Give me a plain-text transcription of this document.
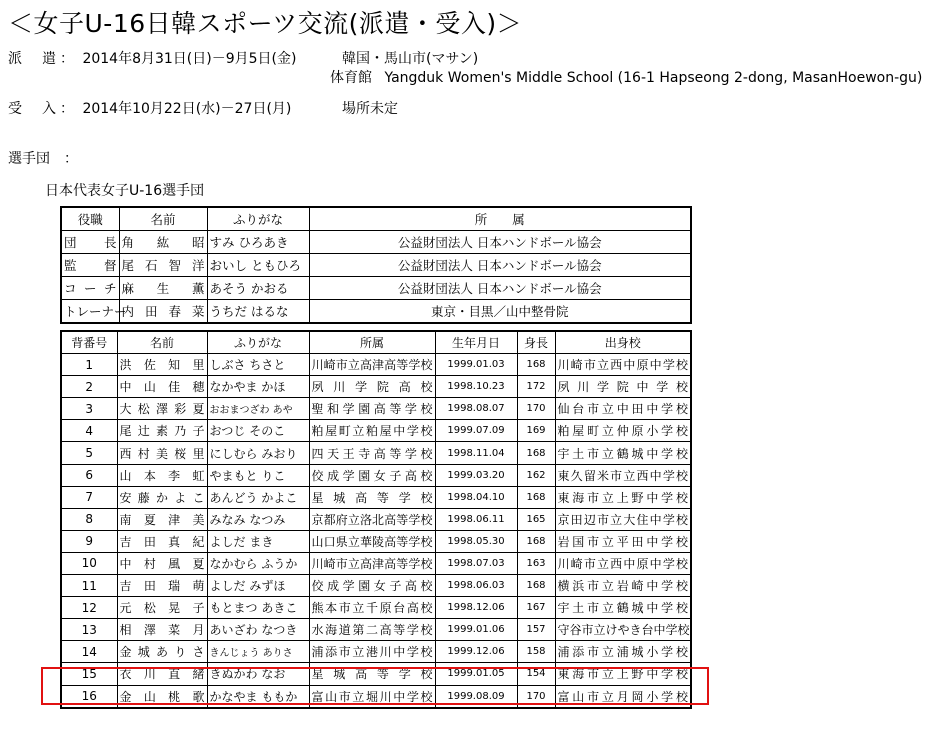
＜女子U-16日韓スポーツ交流(派遣・受入)＞
派遣 ： 2014年8月31日(日)－9月5日(金)	韓国・馬山市(マサン)
体育館 Yangduk Women's Middle School (16-1 Hapseong 2-dong, MasanHoewon-gu)
受入 ： 2014年10月22日(水)－27日(月)	場所未定
選手団　：
日本代表女子U-16選手団
役職	名前	ふりがな	所　　属
団長	角紘昭	すみ ひろあき	公益財団法人 日本ハンドボール協会
監督	尾石智洋	おいし ともひろ	公益財団法人 日本ハンドボール協会
コーチ	麻生薫	あそう かおる	公益財団法人 日本ハンドボール協会
トレーナー	内田春菜	うちだ はるな	東京・目黒／山中整骨院
背番号	名前	ふりがな	所属	生年月日	身長	出身校
1	洪佐知里	しぶさ ちさと	川崎市立高津高等学校	1999.01.03	168	川崎市立西中原中学校
2	中山佳穂	なかやま かほ	夙川学院高校	1998.10.23	172	夙川学院中学校
3	大松澤彩夏	おおまつざわ あや	聖和学園高等学校	1998.08.07	170	仙台市立中田中学校
4	尾辻素乃子	おつじ そのこ	粕屋町立粕屋中学校	1999.07.09	169	粕屋町立仲原小学校
5	西村美桜里	にしむら みおり	四天王寺高等学校	1998.11.04	168	宇土市立鶴城中学校
6	山本李虹	やまもと りこ	佼成学園女子高校	1999.03.20	162	東久留米市立西中学校
7	安藤かよこ	あんどう かよこ	星城高等学校	1998.04.10	168	東海市立上野中学校
8	南夏津美	みなみ なつみ	京都府立洛北高等学校	1998.06.11	165	京田辺市立大住中学校
9	吉田真紀	よしだ まき	山口県立華陵高等学校	1998.05.30	168	岩国市立平田中学校
10	中村風夏	なかむら ふうか	川崎市立高津高等学校	1998.07.03	163	川崎市立西中原中学校
11	吉田瑞萌	よしだ みずほ	佼成学園女子高校	1998.06.03	168	横浜市立岩崎中学校
12	元松晃子	もとまつ あきこ	熊本市立千原台高校	1998.12.06	167	宇土市立鶴城中学校
13	相澤菜月	あいざわ なつき	水海道第二高等学校	1999.01.06	157	守谷市立けやき台中学校
14	金城ありさ	きんじょう ありさ	浦添市立港川中学校	1999.12.06	158	浦添市立浦城小学校
15	衣川直緒	きぬかわ なお	星城高等学校	1999.01.05	154	東海市立上野中学校
16	金山桃歌	かなやま ももか	富山市立堀川中学校	1999.08.09	170	富山市立月岡小学校
